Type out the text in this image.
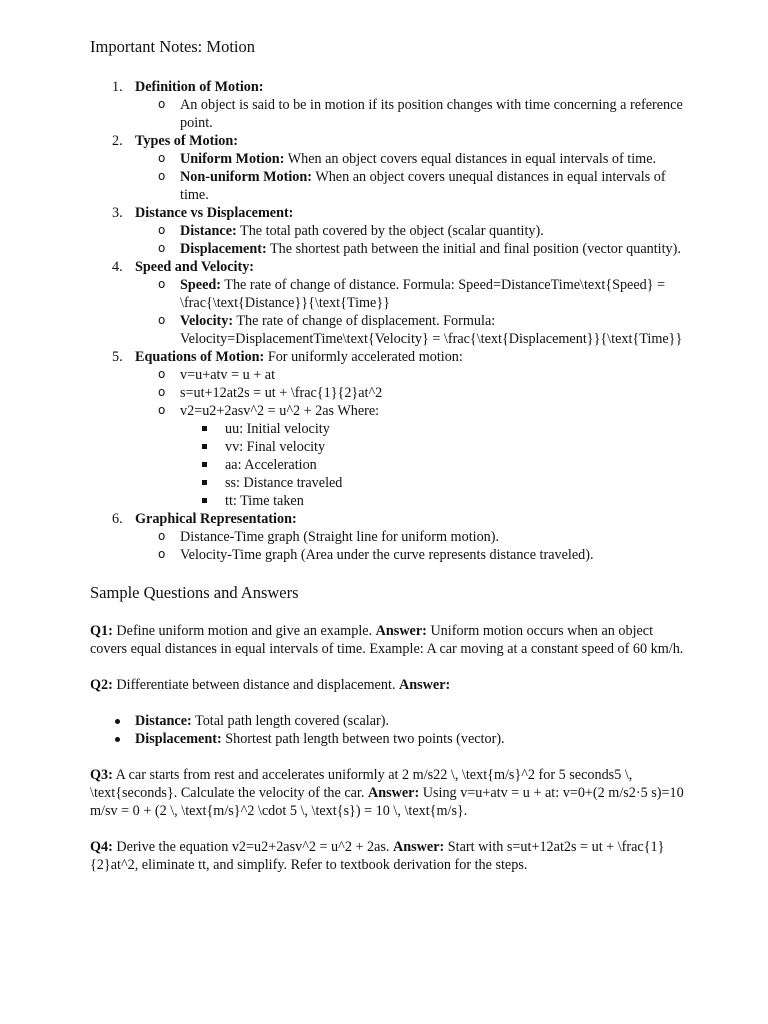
Important Notes: Motion
1. Definition of Motion:
o An object is said to be in motion if its position changes with time concerning a reference point.
2. Types of Motion:
o Uniform Motion: When an object covers equal distances in equal intervals of time.
o Non-uniform Motion: When an object covers unequal distances in equal intervals of time.
3. Distance vs Displacement:
o Distance: The total path covered by the object (scalar quantity).
o Displacement: The shortest path between the initial and final position (vector quantity).
4. Speed and Velocity:
o Speed: The rate of change of distance. Formula: Speed=DistanceTime\text{Speed} = \frac{\text{Distance}}{\text{Time}}
o Velocity: The rate of change of displacement. Formula: Velocity=DisplacementTime\text{Velocity} = \frac{\text{Displacement}}{\text{Time}}
5. Equations of Motion: For uniformly accelerated motion:
o v=u+atv = u + at
o s=ut+12at2s = ut + \frac{1}{2}at^2
o v2=u2+2asv^2 = u^2 + 2as Where:
uu: Initial velocity
vv: Final velocity
aa: Acceleration
ss: Distance traveled
tt: Time taken
6. Graphical Representation:
o Distance-Time graph (Straight line for uniform motion).
o Velocity-Time graph (Area under the curve represents distance traveled).
Sample Questions and Answers

Q1: Define uniform motion and give an example. Answer: Uniform motion occurs when an object covers equal distances in equal intervals of time. Example: A car moving at a constant speed of 60 km/h.

Q2: Differentiate between distance and displacement. Answer:

Distance: Total path length covered (scalar).
Displacement: Shortest path length between two points (vector).

Q3: A car starts from rest and accelerates uniformly at 2 m/s22 \, \text{m/s}^2 for 5 seconds5 \, \text{seconds}. Calculate the velocity of the car. Answer: Using v=u+atv = u + at: v=0+(2 m/s2·5 s)=10 m/sv = 0 + (2 \, \text{m/s}^2 \cdot 5 \, \text{s}) = 10 \, \text{m/s}.

Q4: Derive the equation v2=u2+2asv^2 = u^2 + 2as. Answer: Start with s=ut+12at2s = ut + \frac{1}{2}at^2, eliminate tt, and simplify. Refer to textbook derivation for the steps.
